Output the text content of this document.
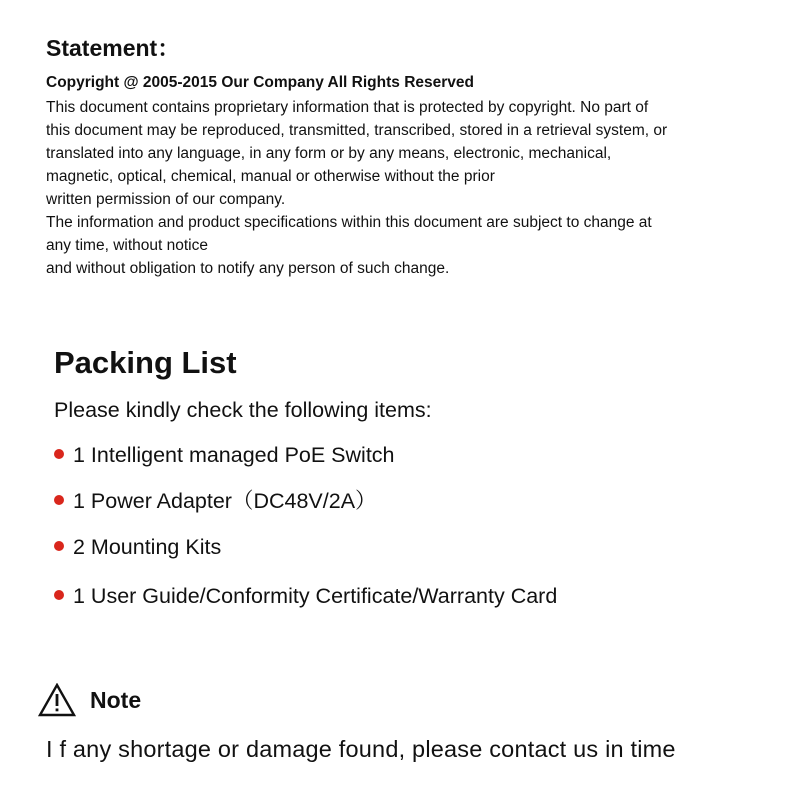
Statement：

Copyright @ 2005-2015 Our Company All Rights Reserved

This document contains proprietary information that is protected by copyright. No part of
this document may be reproduced, transmitted, transcribed, stored in a retrieval system, or
translated into any language, in any form or by any means, electronic, mechanical,
magnetic, optical, chemical, manual or otherwise without the prior
written permission of our company.
The information and product specifications within this document are subject to change at
any time, without notice
and without obligation to notify any person of such change.
Packing List

Please kindly check the following items:

1 Intelligent managed PoE Switch
1 Power Adapter（DC48V/2A）
2 Mounting Kits
1 User Guide/Conformity Certificate/Warranty Card
Note

I f any shortage or damage found, please contact us in time
